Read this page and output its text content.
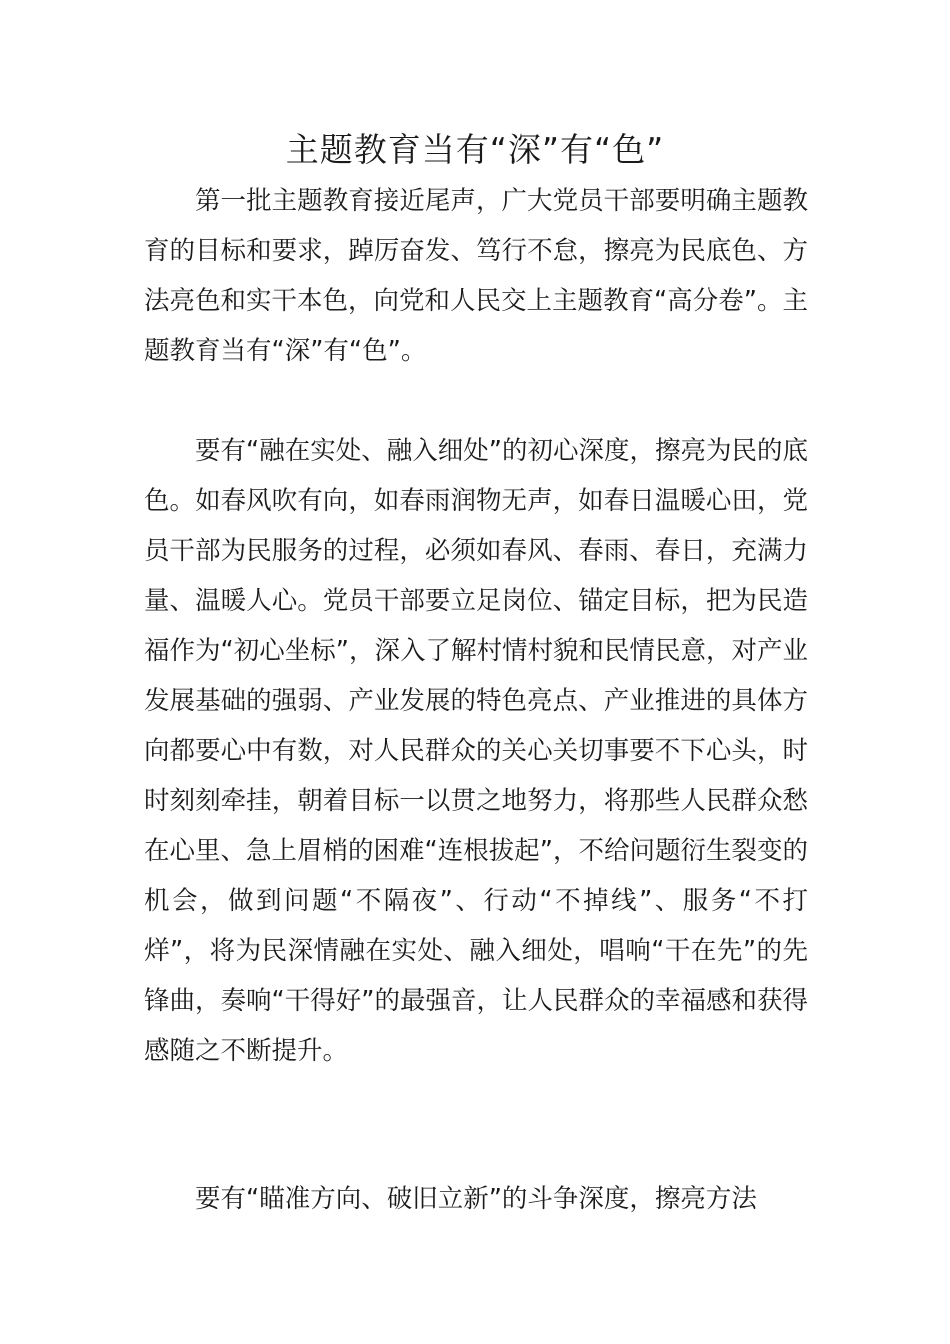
主题教育当有“深”有“色”

第一批主题教育接近尾声，广大党员干部要明确主题教育的目标和要求，踔厉奋发、笃行不怠，擦亮为民底色、方法亮色和实干本色，向党和人民交上主题教育“高分卷”。主题教育当有“深”有“色”。

要有“融在实处、融入细处”的初心深度，擦亮为民的底色。如春风吹有向，如春雨润物无声，如春日温暖心田，党员干部为民服务的过程，必须如春风、春雨、春日，充满力量、温暖人心。党员干部要立足岗位、锚定目标，把为民造福作为“初心坐标”，深入了解村情村貌和民情民意，对产业发展基础的强弱、产业发展的特色亮点、产业推进的具体方向都要心中有数，对人民群众的关心关切事要不下心头，时时刻刻牵挂，朝着目标一以贯之地努力，将那些人民群众愁在心里、急上眉梢的困难“连根拔起”，不给问题衍生裂变的机会，做到问题“不隔夜”、行动“不掉线”、服务“不打烊”，将为民深情融在实处、融入细处，唱响“干在先”的先锋曲，奏响“干得好”的最强音，让人民群众的幸福感和获得感随之不断提升。

要有“瞄准方向、破旧立新”的斗争深度，擦亮方法
